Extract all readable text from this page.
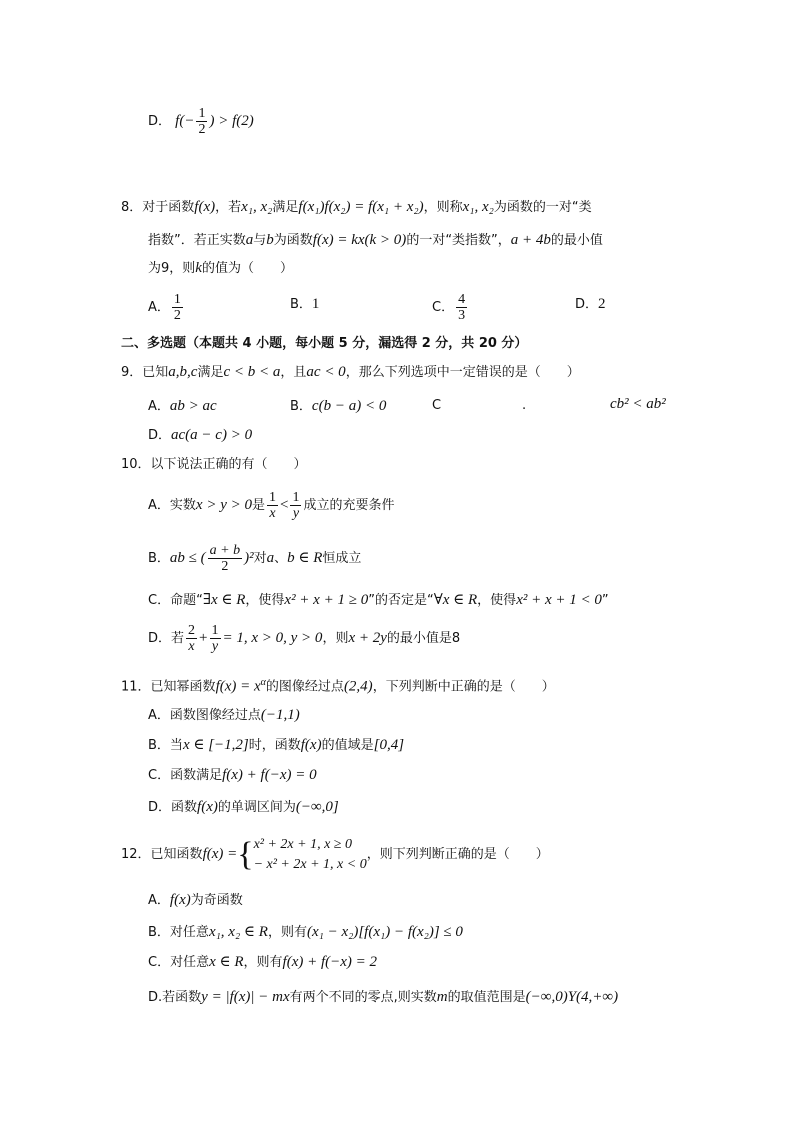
D． $f(- \frac{1}{2}$ ) > f(2)
8．对于函数f(x)，若x₁, x₂满足f(x₁)f(x₂) = f(x₁ + x₂)，则称x₁, x₂为函数的一对“类
指数”．若正实数a与b为函数f(x) = kx(k > 0)的一对“类指数”，a + 4b的最小值
为9，则k的值为（　　）
A． $\frac{1}{2}$	B．1	C． $\frac{4}{3}$	D．2
二、多选题（本题共 4 小题，每小题 5 分，漏选得 2 分，共 20 分）
9．已知a,b,c满足c < b < a，且ac < 0，那么下列选项中一定错误的是（　　）
A．ab > ac	B．c(b − a) < 0	C	.	cb² < ab²
D．ac(a − c) > 0
10．以下说法正确的有（　　）
A．实数x > y > 0是 $\frac{1}{x} < \frac{1}{y}$ 成立的充要条件
B．ab ≤ ( $\frac{a + b}{2} )^2$对a、b ∈ R恒成立
C．命题“∃x ∈ R，使得x² + x + 1 ≥ 0”的否定是“∀x ∈ R，使得x² + x + 1 < 0”
D．若 $\frac{2}{x} + \frac{1}{y} = 1$, x > 0, y > 0，则x + 2y的最小值是8
11．已知幂函数$f(x) = x^\alpha$的图像经过点(2,4)，下列判断中正确的是（　　）
A．函数图像经过点(−1,1)
B．当x ∈ [−1,2]时，函数f(x)的值域是[0,4]
C．函数满足f(x) + f(−x) = 0
D．函数f(x)的单调区间为(−∞,0]
12．已知函数f(x) ={ x² + 2x + 1, x ≥ 0
− x² + 2x + 1, x < 0
，则下列判断正确的是（　　）
A．f(x)为奇函数
B．对任意x₁, x₂ ∈ R，则有(x₁ − x₂)[f(x₁) − f(x₂)] ≤ 0
C．对任意x ∈ R，则有f(x) + f(−x) = 2
D.若函数y = |f(x)| − mx有两个不同的零点,则实数m的取值范围是(−∞,0)Y(4,+∞)
